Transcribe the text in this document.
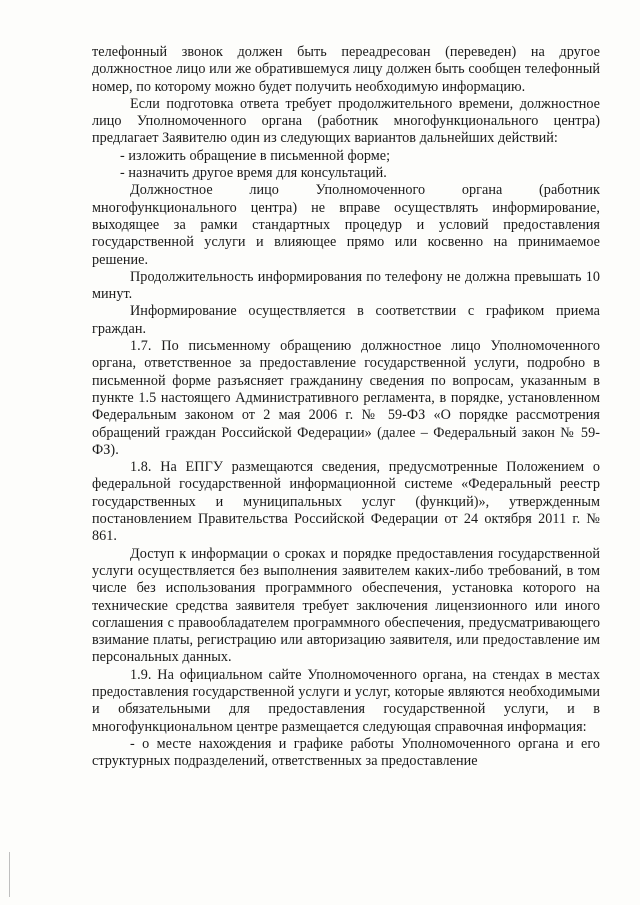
телефонный звонок должен быть переадресован (переведен) на другое должностное лицо или же обратившемуся лицу должен быть сообщен телефонный номер, по которому можно будет получить необходимую информацию.

Если подготовка ответа требует продолжительного времени, должностное лицо Уполномоченного органа (работник многофункционального центра) предлагает Заявителю один из следующих вариантов дальнейших действий:

- изложить обращение в письменной форме;

- назначить другое время для консультаций.

Должностное лицо Уполномоченного органа (работник многофункционального центра) не вправе осуществлять информирование, выходящее за рамки стандартных процедур и условий предоставления государственной услуги и влияющее прямо или косвенно на принимаемое решение.

Продолжительность информирования по телефону не должна превышать 10 минут.

Информирование осуществляется в соответствии с графиком приема граждан.

1.7. По письменному обращению должностное лицо Уполномоченного органа, ответственное за предоставление государственной услуги, подробно в письменной форме разъясняет гражданину сведения по вопросам, указанным в пункте 1.5 настоящего Административного регламента, в порядке, установленном Федеральным законом от 2 мая 2006 г. № 59-ФЗ «О порядке рассмотрения обращений граждан Российской Федерации» (далее – Федеральный закон № 59-ФЗ).

1.8. На ЕПГУ размещаются сведения, предусмотренные Положением о федеральной государственной информационной системе «Федеральный реестр государственных и муниципальных услуг (функций)», утвержденным постановлением Правительства Российской Федерации от 24 октября 2011 г. № 861.

Доступ к информации о сроках и порядке предоставления государственной услуги осуществляется без выполнения заявителем каких-либо требований, в том числе без использования программного обеспечения, установка которого на технические средства заявителя требует заключения лицензионного или иного соглашения с правообладателем программного обеспечения, предусматривающего взимание платы, регистрацию или авторизацию заявителя, или предоставление им персональных данных.

1.9. На официальном сайте Уполномоченного органа, на стендах в местах предоставления государственной услуги и услуг, которые являются необходимыми и обязательными для предоставления государственной услуги, и в многофункциональном центре размещается следующая справочная информация:

- о месте нахождения и графике работы Уполномоченного органа и его структурных подразделений, ответственных за предоставление
